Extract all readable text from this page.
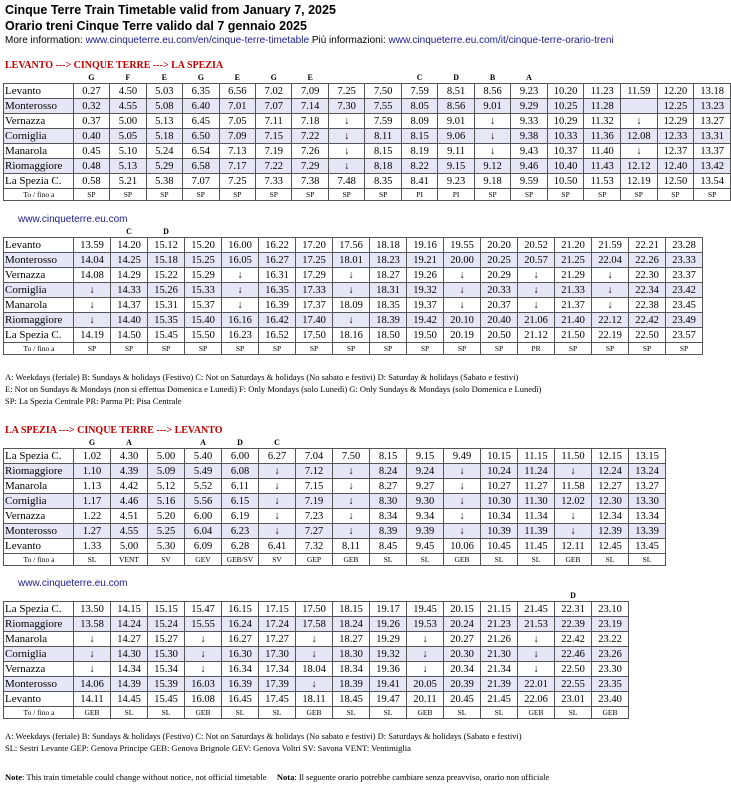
Cinque Terre Train Timetable valid from January 7, 2025
Orario treni Cinque Terre valido dal 7 gennaio 2025
More information: www.cinqueterre.eu.com/en/cinque-terre-timetable Più informazioni: www.cinqueterre.eu.com/it/cinque-terre-orario-treni
LEVANTO ---> CINQUE TERRE ---> LA SPEZIA
	G	F	E	G	E	G	E			C	D	B	A					
Levanto	0.27	4.50	5.03	6.35	6.56	7.02	7.09	7.25	7.50	7.59	8.51	8.56	9.23	10.20	11.23	11.59	12.20	13.18
Monterosso	0.32	4.55	5.08	6.40	7.01	7.07	7.14	7.30	7.55	8.05	8.56	9.01	9.29	10.25	11.28		12.25	13.23
Vernazza	0.37	5.00	5.13	6.45	7.05	7.11	7.18	↓	7.59	8.09	9.01	↓	9.33	10.29	11.32	↓	12.29	13.27
Corniglia	0.40	5.05	5.18	6.50	7.09	7.15	7.22	↓	8.11	8.15	9.06	↓	9.38	10.33	11.36	12.08	12.33	13.31
Manarola	0.45	5.10	5.24	6.54	7.13	7.19	7.26	↓	8.15	8.19	9.11	↓	9.43	10.37	11.40	↓	12.37	13.37
Riomaggiore	0.48	5.13	5.29	6.58	7.17	7.22	7.29	↓	8.18	8.22	9.15	9.12	9.46	10.40	11.43	12.12	12.40	13.42
La Spezia C.	0.58	5.21	5.38	7.07	7.25	7.33	7.38	7.48	8.35	8.41	9.23	9.18	9.59	10.50	11.53	12.19	12.50	13.54
To / fino a	SP	SP	SP	SP	SP	SP	SP	SP	SP	PI	PI	SP	SP	SP	SP	SP	SP	SP
www.cinqueterre.eu.com
		C	D														
Levanto	13.59	14.20	15.12	15.20	16.00	16.22	17.20	17.56	18.18	19.16	19.55	20.20	20.52	21.20	21.59	22.21	23.28
Monterosso	14.04	14.25	15.18	15.25	16.05	16.27	17.25	18.01	18.23	19.21	20.00	20.25	20.57	21.25	22.04	22.26	23.33
Vernazza	14.08	14.29	15.22	15.29	↓	16.31	17.29	↓	18.27	19.26	↓	20.29	↓	21.29	↓	22.30	23.37
Corniglia	↓	14.33	15.26	15.33	↓	16.35	17.33	↓	18.31	19.32	↓	20.33	↓	21.33	↓	22.34	23.42
Manarola	↓	14.37	15.31	15.37	↓	16.39	17.37	18.09	18.35	19.37	↓	20.37	↓	21.37	↓	22.38	23.45
Riomaggiore	↓	14.40	15.35	15.40	16.16	16.42	17.40	↓	18.39	19.42	20.10	20.40	21.06	21.40	22.12	22.42	23.49
La Spezia C.	14.19	14.50	15.45	15.50	16.23	16.52	17.50	18.16	18.50	19.50	20.19	20.50	21.12	21.50	22.19	22.50	23.57
To / fino a	SP	SP	SP	SP	SP	SP	SP	SP	SP	SP	SP	SP	PR	SP	SP	SP	SP
A: Weekdays (feriale) B: Sundays & holidays (Festivo) C: Not on Saturdays & holidays (No sabato e festivi) D: Saturday & holidays (Sabato e festivi)
E: Not on Sundays & Mondays (non si effettua Domenica e Lunedì) F: Only Mondays (solo Lunedì) G: Only Sundays & Mondays (solo Domenica e Lunedì)
SP: La Spezia Centrale PR: Parma PI: Pisa Centrale
LA SPEZIA ---> CINQUE TERRE ---> LEVANTO
	G	A		A	D	C										
La Spezia C.	1.02	4.30	5.00	5.40	6.00	6.27	7.04	7.50	8.15	9.15	9.49	10.15	11.15	11.50	12.15	13.15
Riomaggiore	1.10	4.39	5.09	5.49	6.08	↓	7.12	↓	8.24	9.24	↓	10.24	11.24	↓	12.24	13.24
Manarola	1.13	4.42	5.12	5.52	6.11	↓	7.15	↓	8.27	9.27	↓	10.27	11.27	11.58	12.27	13.27
Corniglia	1.17	4.46	5.16	5.56	6.15	↓	7.19	↓	8.30	9.30	↓	10.30	11.30	12.02	12.30	13.30
Vernazza	1.22	4.51	5.20	6.00	6.19	↓	7.23	↓	8.34	9.34	↓	10.34	11.34	↓	12.34	13.34
Monterosso	1.27	4.55	5.25	6.04	6.23	↓	7.27	↓	8.39	9.39	↓	10.39	11.39	↓	12.39	13.39
Levanto	1.33	5.00	5.30	6.09	6.28	6.41	7.32	8.11	8.45	9.45	10.06	10.45	11.45	12.11	12.45	13.45
To / fino a	SL	VENT	SV	GEV	GEB/SV	SV	GEP	GEB	SL	SL	GEB	SL	SL	GEB	SL	SL
www.cinqueterre.eu.com
														D	
La Spezia C.	13.50	14.15	15.15	15.47	16.15	17.15	17.50	18.15	19.17	19.45	20.15	21.15	21.45	22.31	23.10
Riomaggiore	13.58	14.24	15.24	15.55	16.24	17.24	17.58	18.24	19.26	19.53	20.24	21.23	21.53	22.39	23.19
Manarola	↓	14.27	15.27	↓	16.27	17.27	↓	18.27	19.29	↓	20.27	21.26	↓	22.42	23.22
Corniglia	↓	14.30	15.30	↓	16.30	17.30	↓	18.30	19.32	↓	20.30	21.30	↓	22.46	23.26
Vernazza	↓	14.34	15.34	↓	16.34	17.34	18.04	18.34	19.36	↓	20.34	21.34	↓	22.50	23.30
Monterosso	14.06	14.39	15.39	16.03	16.39	17.39	↓	18.39	19.41	20.05	20.39	21.39	22.01	22.55	23.35
Levanto	14.11	14.45	15.45	16.08	16.45	17.45	18.11	18.45	19.47	20.11	20.45	21.45	22.06	23.01	23.40
To / fino a	GEB	SL	SL	GEB	SL	SL	GEB	SL	SL	GEB	SL	SL	GEB	SL	GEB
A: Weekdays (feriale) B: Sundays & holidays (Festivo) C: Not on Saturdays & holidays (No sabato e festivi) D: Saturdays & holidays (Sabato e festivi)
SL: Sestri Levante GEP: Genova Principe GEB: Genova Brignole GEV: Genova Voltri SV: Savona VENT: Ventimiglia
Note: This train timetable could change without notice, not official timetable Nota: Il seguente orario potrebbe cambiare senza preavviso, orario non ufficiale
